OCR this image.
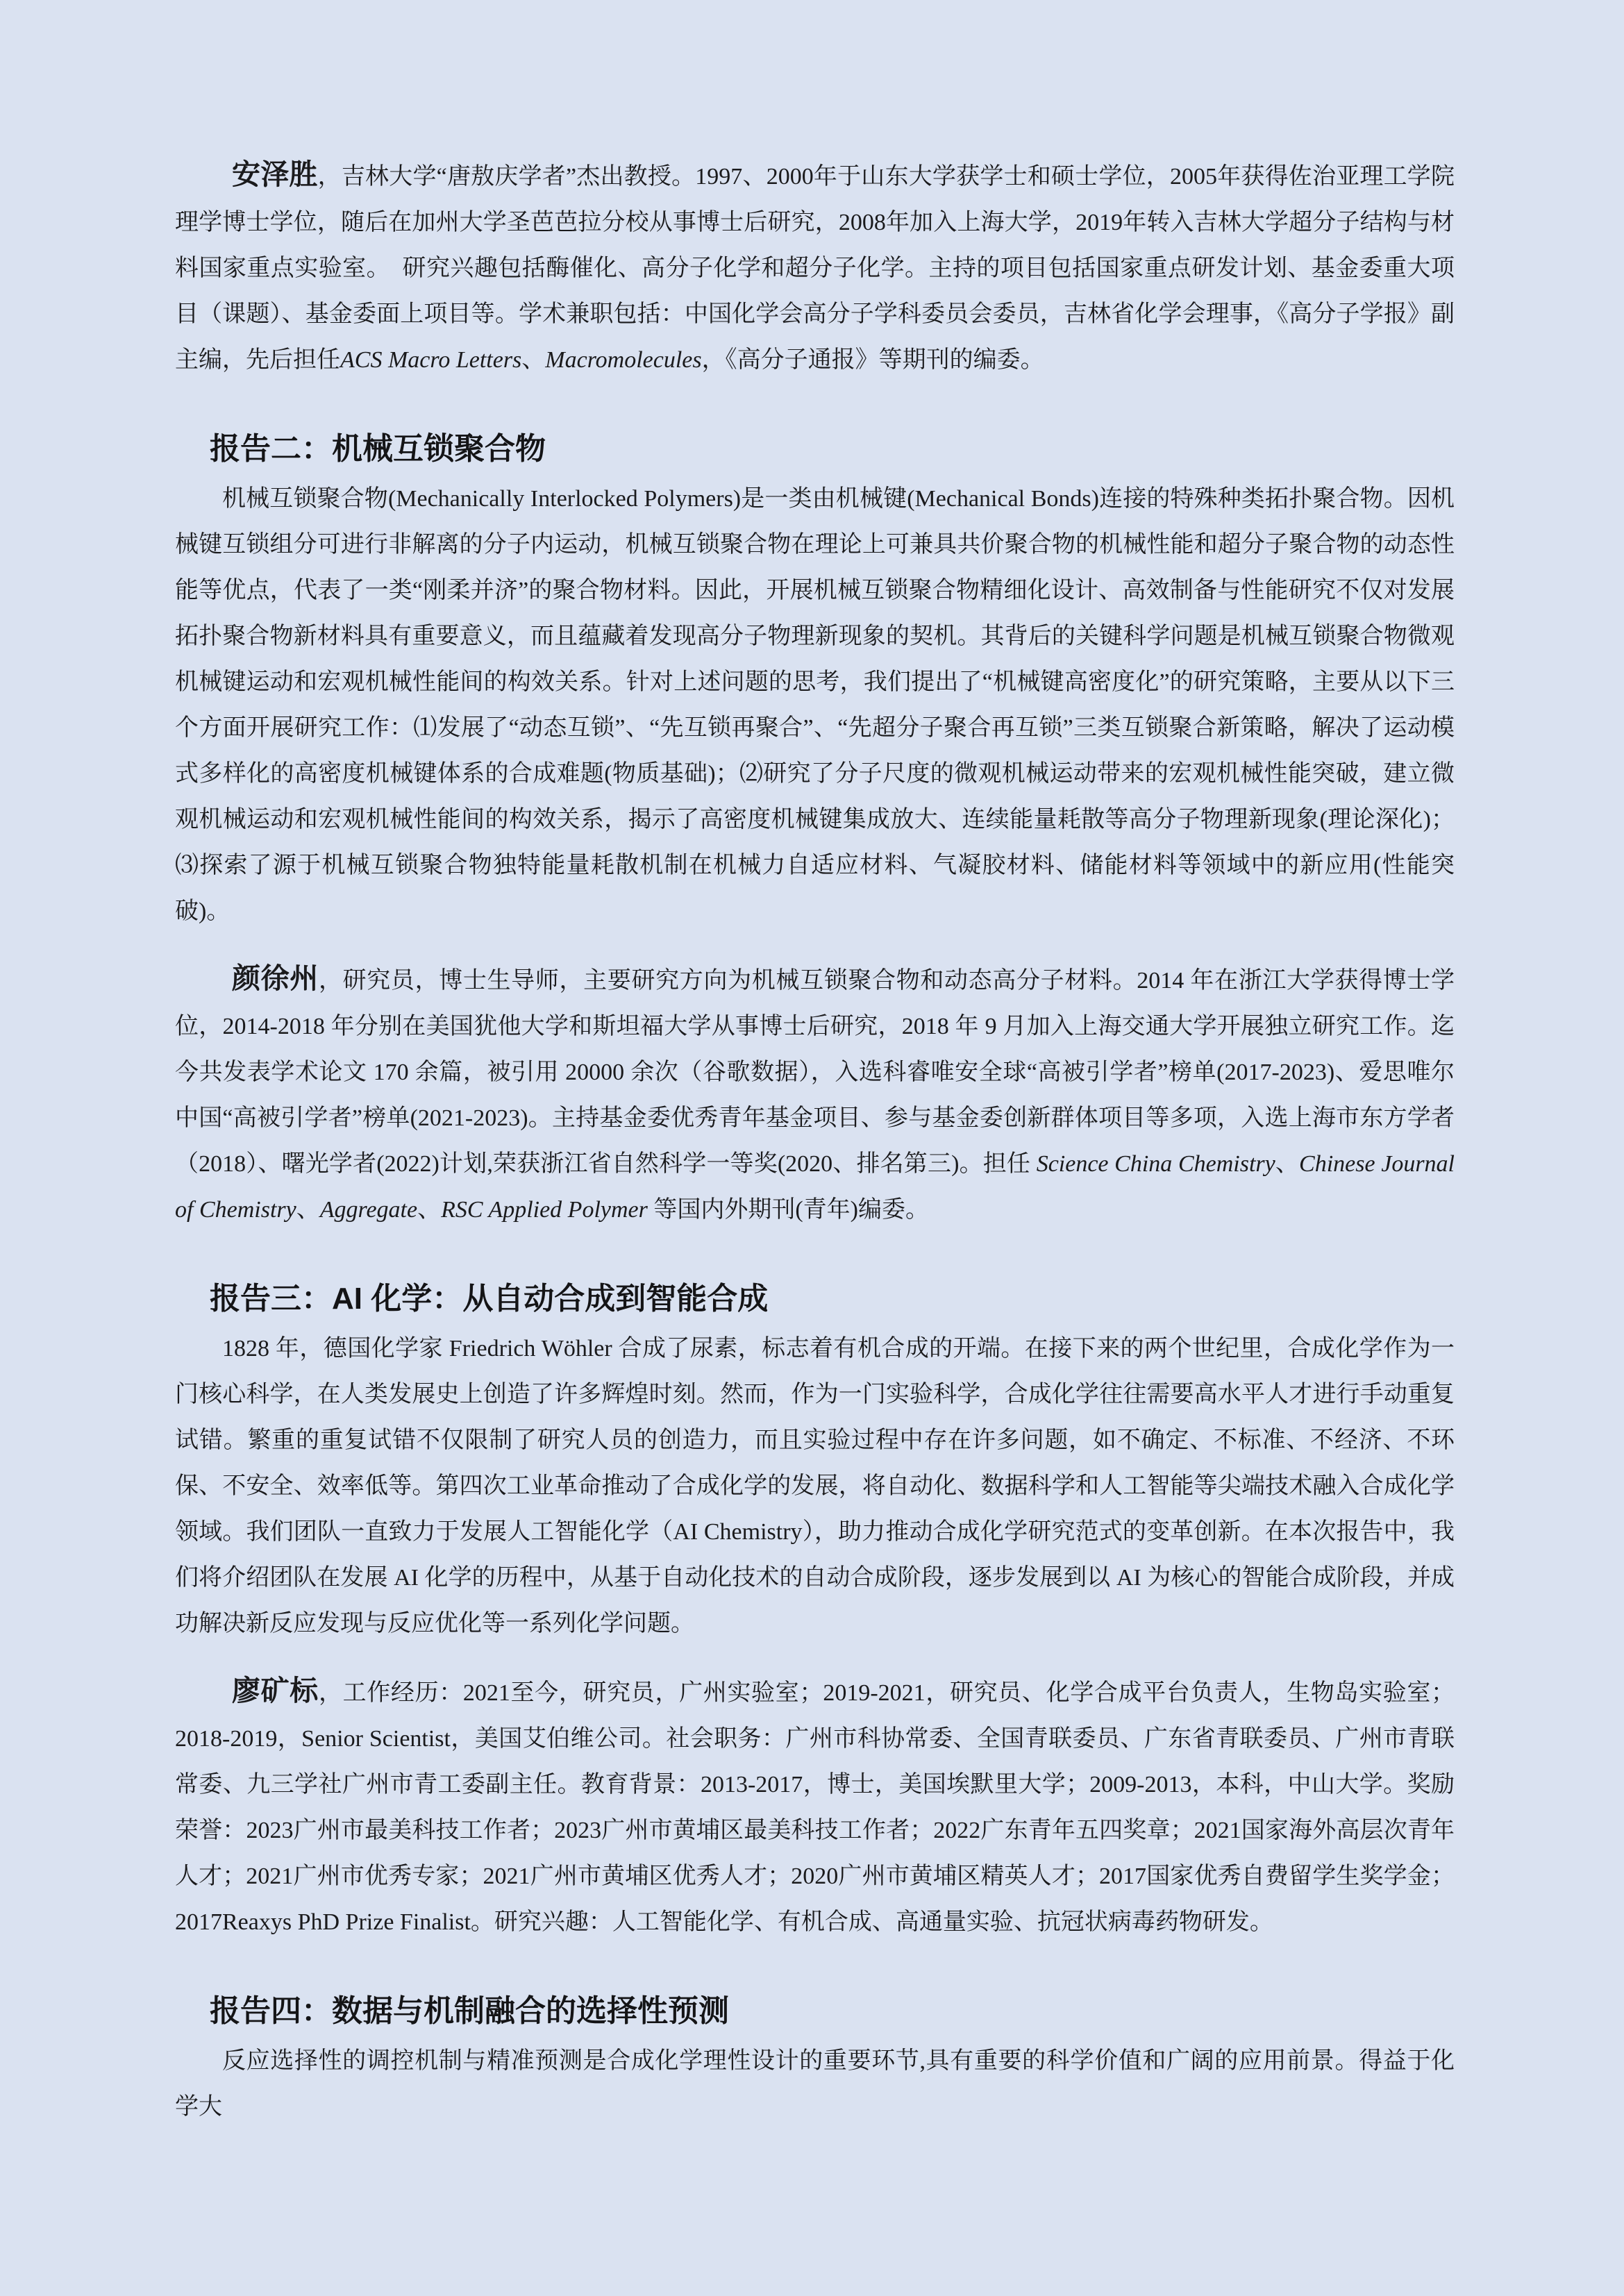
安泽胜，吉林大学“唐敖庆学者”杰出教授。1997、2000年于山东大学获学士和硕士学位，2005年获得佐治亚理工学院理学博士学位，随后在加州大学圣芭芭拉分校从事博士后研究，2008年加入上海大学，2019年转入吉林大学超分子结构与材料国家重点实验室。　研究兴趣包括酶催化、高分子化学和超分子化学。主持的项目包括国家重点研发计划、基金委重大项目（课题）、基金委面上项目等。学术兼职包括：中国化学会高分子学科委员会委员，吉林省化学会理事，《高分子学报》副主编，先后担任ACS Macro Letters、Macromolecules，《高分子通报》等期刊的编委。

报告二：机械互锁聚合物

机械互锁聚合物(Mechanically Interlocked Polymers)是一类由机械键(Mechanical Bonds)连接的特殊种类拓扑聚合物。因机械键互锁组分可进行非解离的分子内运动，机械互锁聚合物在理论上可兼具共价聚合物的机械性能和超分子聚合物的动态性能等优点，代表了一类“刚柔并济”的聚合物材料。因此，开展机械互锁聚合物精细化设计、高效制备与性能研究不仅对发展拓扑聚合物新材料具有重要意义，而且蕴藏着发现高分子物理新现象的契机。其背后的关键科学问题是机械互锁聚合物微观机械键运动和宏观机械性能间的构效关系。针对上述问题的思考，我们提出了“机械键高密度化”的研究策略，主要从以下三个方面开展研究工作：⑴发展了“动态互锁”、“先互锁再聚合”、“先超分子聚合再互锁”三类互锁聚合新策略，解决了运动模式多样化的高密度机械键体系的合成难题(物质基础)；⑵研究了分子尺度的微观机械运动带来的宏观机械性能突破，建立微观机械运动和宏观机械性能间的构效关系，揭示了高密度机械键集成放大、连续能量耗散等高分子物理新现象(理论深化)；⑶探索了源于机械互锁聚合物独特能量耗散机制在机械力自适应材料、气凝胶材料、储能材料等领域中的新应用(性能突破)。

颜徐州，研究员，博士生导师，主要研究方向为机械互锁聚合物和动态高分子材料。2014 年在浙江大学获得博士学位，2014-2018 年分别在美国犹他大学和斯坦福大学从事博士后研究，2018 年 9 月加入上海交通大学开展独立研究工作。迄今共发表学术论文 170 余篇，被引用 20000 余次（谷歌数据），入选科睿唯安全球“高被引学者”榜单(2017-2023)、爱思唯尔中国“高被引学者”榜单(2021-2023)。主持基金委优秀青年基金项目、参与基金委创新群体项目等多项，入选上海市东方学者（2018）、曙光学者(2022)计划,荣获浙江省自然科学一等奖(2020、排名第三)。担任 Science China Chemistry、Chinese Journal of Chemistry、Aggregate、RSC Applied Polymer 等国内外期刊(青年)编委。

报告三：AI 化学：从自动合成到智能合成

1828 年，德国化学家 Friedrich Wöhler 合成了尿素，标志着有机合成的开端。在接下来的两个世纪里，合成化学作为一门核心科学，在人类发展史上创造了许多辉煌时刻。然而，作为一门实验科学，合成化学往往需要高水平人才进行手动重复试错。繁重的重复试错不仅限制了研究人员的创造力，而且实验过程中存在许多问题，如不确定、不标准、不经济、不环保、不安全、效率低等。第四次工业革命推动了合成化学的发展，将自动化、数据科学和人工智能等尖端技术融入合成化学领域。我们团队一直致力于发展人工智能化学（AI Chemistry），助力推动合成化学研究范式的变革创新。在本次报告中，我们将介绍团队在发展 AI 化学的历程中，从基于自动化技术的自动合成阶段，逐步发展到以 AI 为核心的智能合成阶段，并成功解决新反应发现与反应优化等一系列化学问题。

廖矿标，工作经历：2021至今，研究员，广州实验室；2019-2021，研究员、化学合成平台负责人，生物岛实验室；2018-2019，Senior Scientist，美国艾伯维公司。社会职务：广州市科协常委、全国青联委员、广东省青联委员、广州市青联常委、九三学社广州市青工委副主任。教育背景：2013-2017，博士，美国埃默里大学；2009-2013，本科，中山大学。奖励荣誉：2023广州市最美科技工作者；2023广州市黄埔区最美科技工作者；2022广东青年五四奖章；2021国家海外高层次青年人才；2021广州市优秀专家；2021广州市黄埔区优秀人才；2020广州市黄埔区精英人才；2017国家优秀自费留学生奖学金；2017Reaxys PhD Prize Finalist。研究兴趣：人工智能化学、有机合成、高通量实验、抗冠状病毒药物研发。

报告四：数据与机制融合的选择性预测

反应选择性的调控机制与精准预测是合成化学理性设计的重要环节,具有重要的科学价值和广阔的应用前景。得益于化学大
